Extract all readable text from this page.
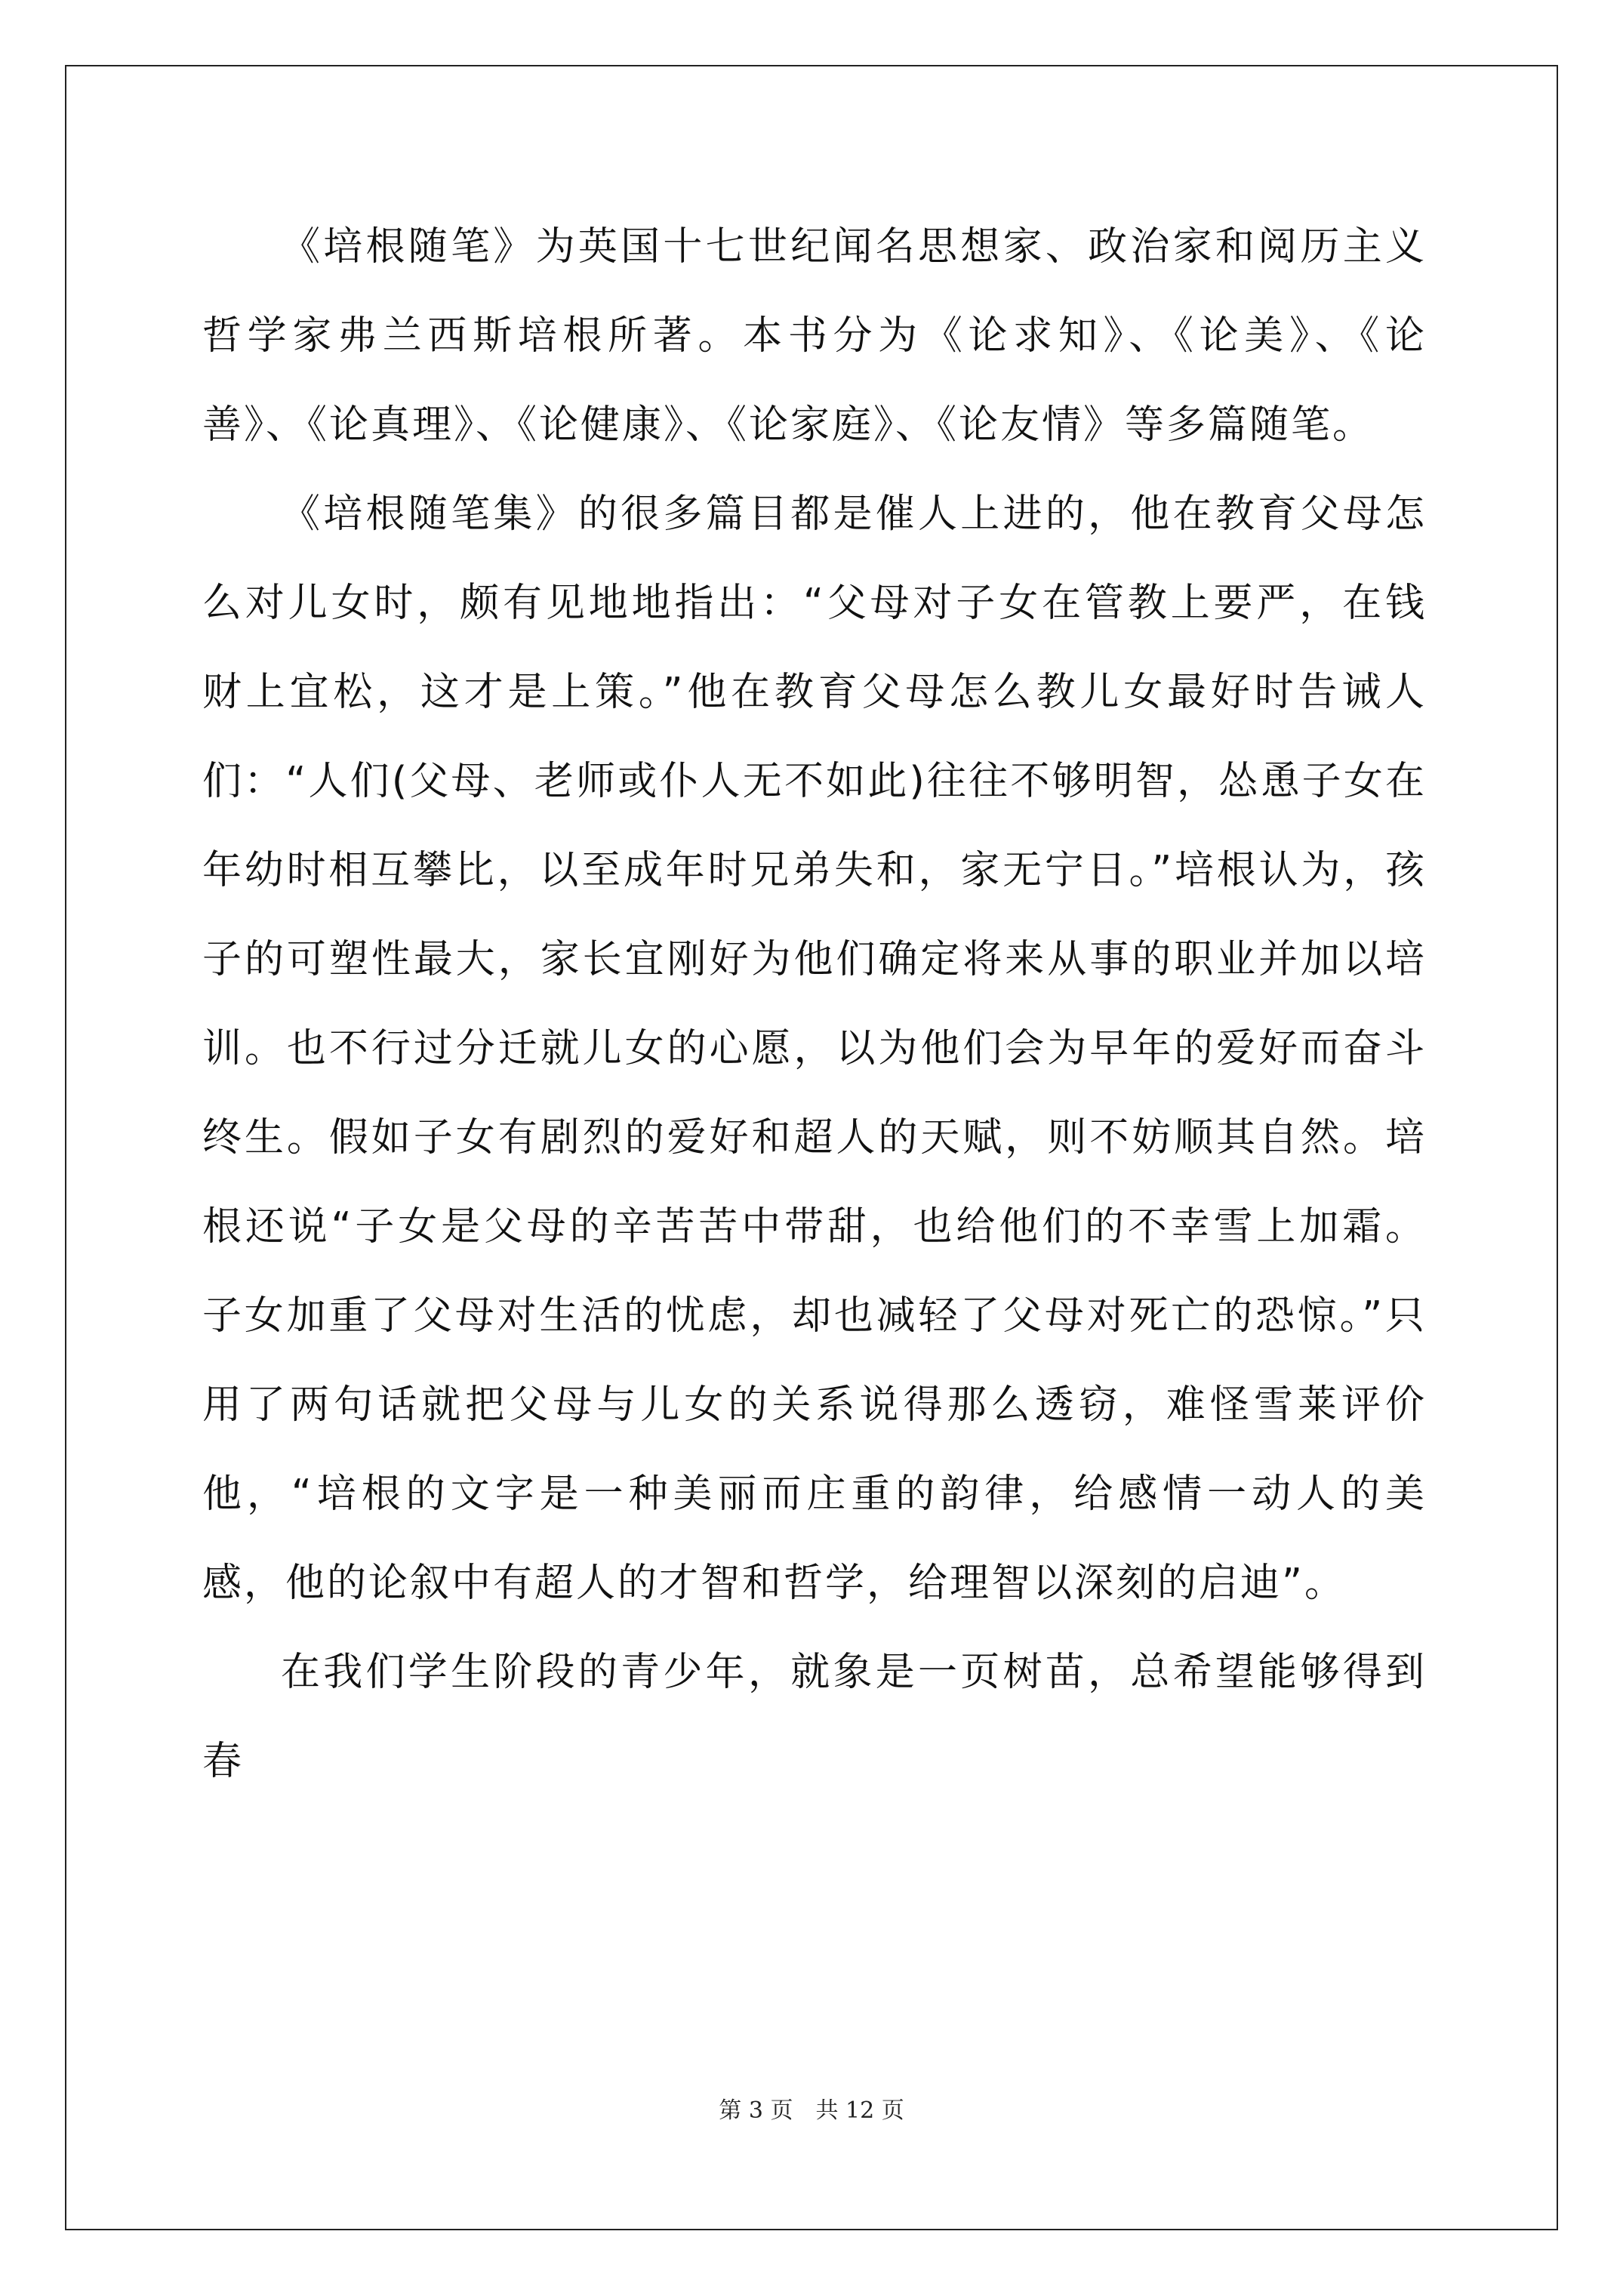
《培根随笔》为英国十七世纪闻名思想家、政治家和阅历主义哲学家弗兰西斯培根所著。本书分为《论求知》、《论美》、《论善》、《论真理》、《论健康》、《论家庭》、《论友情》等多篇随笔。

《培根随笔集》的很多篇目都是催人上进的，他在教育父母怎么对儿女时，颇有见地地指出：“父母对子女在管教上要严，在钱财上宜松，这才是上策。”他在教育父母怎么教儿女最好时告诫人们：“人们(父母、老师或仆人无不如此)往往不够明智，怂恿子女在年幼时相互攀比，以至成年时兄弟失和，家无宁日。”培根认为，孩子的可塑性最大，家长宜刚好为他们确定将来从事的职业并加以培训。也不行过分迁就儿女的心愿，以为他们会为早年的爱好而奋斗终生。假如子女有剧烈的爱好和超人的天赋，则不妨顺其自然。培根还说“子女是父母的辛苦苦中带甜，也给他们的不幸雪上加霜。子女加重了父母对生活的忧虑，却也减轻了父母对死亡的恐惊。”只用了两句话就把父母与儿女的关系说得那么透窃，难怪雪莱评价他，“培根的文字是一种美丽而庄重的韵律，给感情一动人的美感，他的论叙中有超人的才智和哲学，给理智以深刻的启迪”。

在我们学生阶段的青少年，就象是一页树苗，总希望能够得到春

第 3 页 共 12 页
